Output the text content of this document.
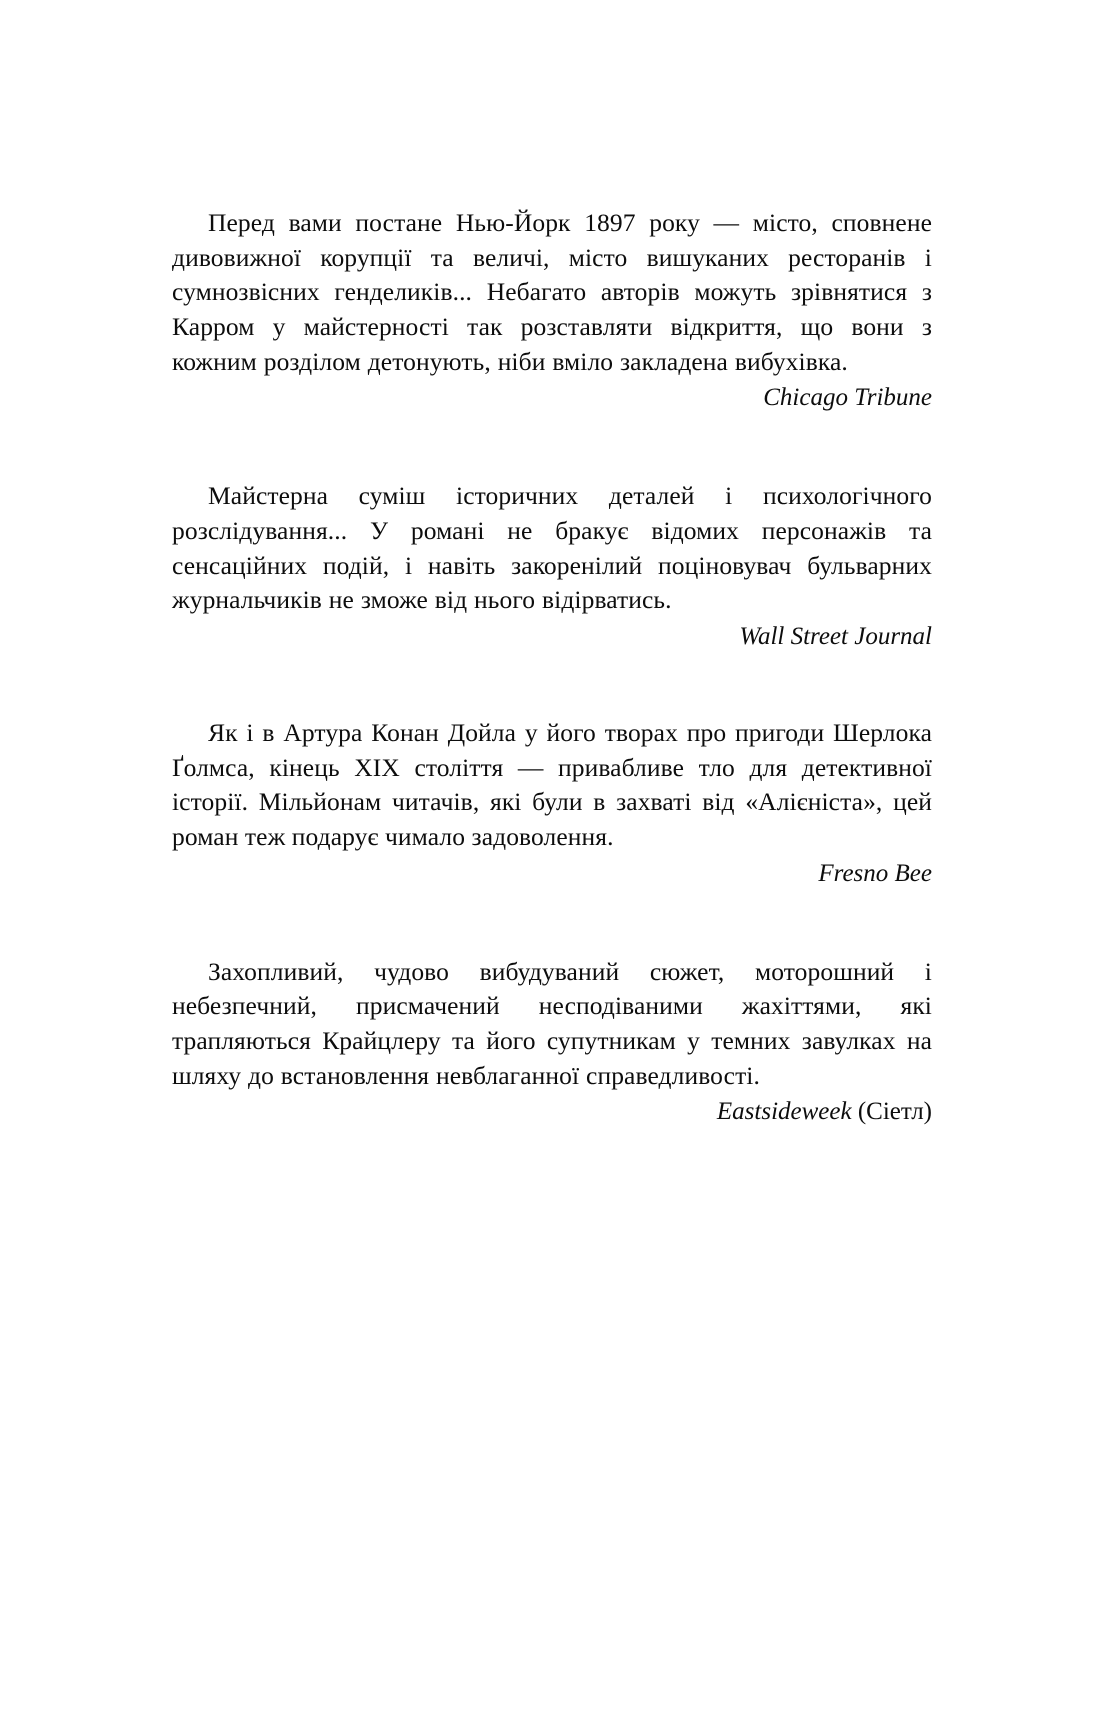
Перед вами постане Нью-Йорк 1897 року — місто, сповнене дивовижної корупції та величі, місто вишуканих ресторанів і сумнозвісних генделиків... Небагато авторів можуть зрівнятися з Карром у майстерності так розставляти відкриття, що вони з кожним розділом детонують, ніби вміло закладена вибухівка.

Chicago Tribune

Майстерна суміш історичних деталей і психологічного розслідування... У романі не бракує відомих персонажів та сенсаційних подій, і навіть закоренілий поціновувач бульварних журнальчиків не зможе від нього відірватись.

Wall Street Journal

Як і в Артура Конан Дойла у його творах про пригоди Шерлока Ґолмса, кінець XIX століття — привабливе тло для детективної історії. Мільйонам читачів, які були в захваті від «Алієніста», цей роман теж подарує чимало задоволення.

Fresno Bee

Захопливий, чудово вибудуваний сюжет, моторошний і небезпечний, присмачений несподіваними жахіттями, які трапляються Крайцлеру та його супутникам у темних завулках на шляху до встановлення невблаганної справедливості.

Eastsideweek (Сіетл)
